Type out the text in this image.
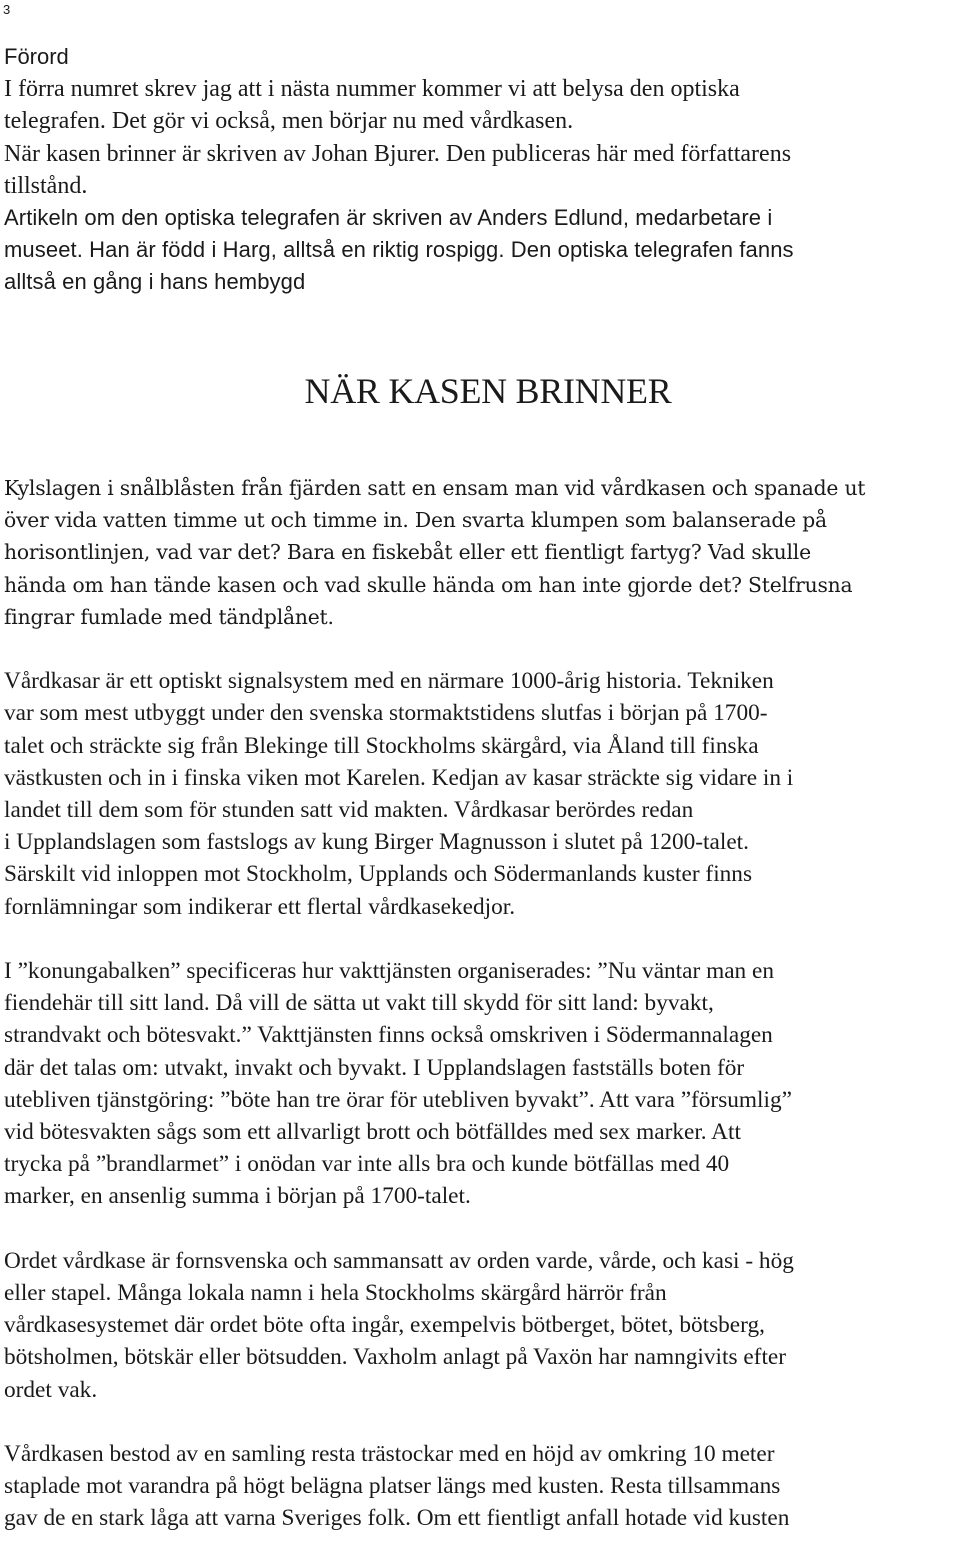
3
Förord
I förra numret skrev jag att i nästa nummer kommer vi att belysa den optiska
telegrafen. Det gör vi också, men börjar nu med vårdkasen.
När kasen brinner är skriven av Johan Bjurer. Den publiceras här med författarens
tillstånd.
Artikeln om den optiska telegrafen är skriven av Anders Edlund, medarbetare i
museet. Han är född i Harg, alltså en riktig rospigg. Den optiska telegrafen fanns
alltså en gång i hans hembygd
NÄR KASEN BRINNER

Kylslagen i snålblåsten från fjärden satt en ensam man vid vårdkasen och spanade ut
över vida vatten timme ut och timme in. Den svarta klumpen som balanserade på
horisontlinjen, vad var det? Bara en fiskebåt eller ett fientligt fartyg? Vad skulle
hända om han tände kasen och vad skulle hända om han inte gjorde det? Stelfrusna
fingrar fumlade med tändplånet.

Vårdkasar är ett optiskt signalsystem med en närmare 1000-årig historia. Tekniken
var som mest utbyggt under den svenska stormaktstidens slutfas i början på 1700-
talet och sträckte sig från Blekinge till Stockholms skärgård, via Åland till finska
västkusten och in i finska viken mot Karelen. Kedjan av kasar sträckte sig vidare in i
landet till dem som för stunden satt vid makten. Vårdkasar berördes redan
i Upplandslagen som fastslogs av kung Birger Magnusson i slutet på 1200-talet.
Särskilt vid inloppen mot Stockholm, Upplands och Södermanlands kuster finns
fornlämningar som indikerar ett flertal vårdkasekedjor.

I ”konungabalken” specificeras hur vakttjänsten organiserades: ”Nu väntar man en
fiendehär till sitt land. Då vill de sätta ut vakt till skydd för sitt land: byvakt,
strandvakt och bötesvakt.” Vakttjänsten finns också omskriven i Södermannalagen
där det talas om: utvakt, invakt och byvakt. I Upplandslagen fastställs boten för
utebliven tjänstgöring: ”böte han tre örar för utebliven byvakt”. Att vara ”försumlig”
vid bötesvakten sågs som ett allvarligt brott och bötfälldes med sex marker. Att
trycka på ”brandlarmet” i onödan var inte alls bra och kunde bötfällas med 40
marker, en ansenlig summa i början på 1700-talet.

Ordet vårdkase är fornsvenska och sammansatt av orden varde, vårde, och kasi - hög
eller stapel. Många lokala namn i hela Stockholms skärgård härrör från
vårdkasesystemet där ordet böte ofta ingår, exempelvis bötberget, bötet, bötsberg,
bötsholmen, bötskär eller bötsudden. Vaxholm anlagt på Vaxön har namngivits efter
ordet vak.

Vårdkasen bestod av en samling resta trästockar med en höjd av omkring 10 meter
staplade mot varandra på högt belägna platser längs med kusten. Resta tillsammans
gav de en stark låga att varna Sveriges folk. Om ett fientligt anfall hotade vid kusten
